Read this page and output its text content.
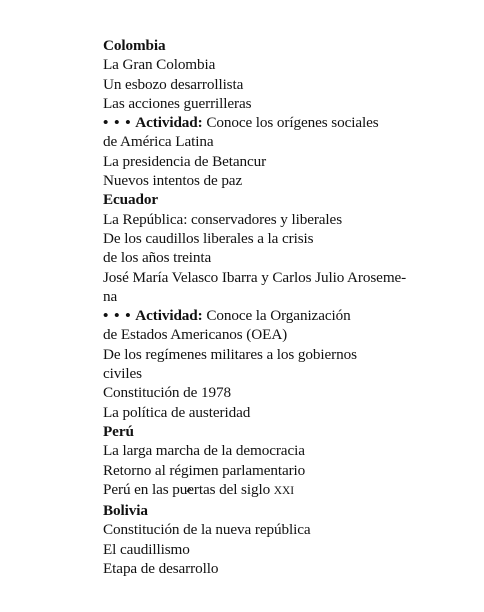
Colombia
La Gran Colombia
Un esbozo desarrollista
Las acciones guerrilleras
• • • Actividad: Conoce los orígenes sociales
de América Latina
La presidencia de Betancur
Nuevos intentos de paz
Ecuador
La República: conservadores y liberales
De los caudillos liberales a la crisis
de los años treinta
José María Velasco Ibarra y Carlos Julio Aroseme-
na
• • • Actividad: Conoce la Organización
de Estados Americanos (OEA)
De los regímenes militares a los gobiernos
civiles
Constitución de 1978
La política de austeridad
Perú
La larga marcha de la democracia
Retorno al régimen parlamentario
Perú en las puertas del siglo XXI
Bolivia
Constitución de la nueva república
El caudillismo
Etapa de desarrollo
